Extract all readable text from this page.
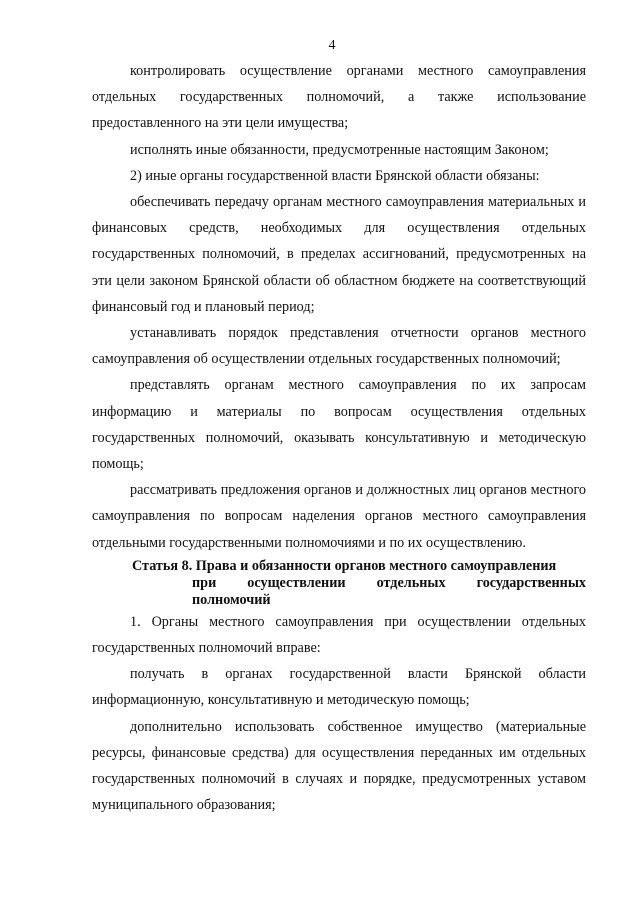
4

контролировать осуществление органами местного самоуправления отдельных государственных полномочий, а также использование предоставленного на эти цели имущества;

исполнять иные обязанности, предусмотренные настоящим Законом;

2) иные органы государственной власти Брянской области обязаны:

обеспечивать передачу органам местного самоуправления материальных и финансовых средств, необходимых для осуществления отдельных государственных полномочий, в пределах ассигнований, предусмотренных на эти цели законом Брянской области об областном бюджете на соответствующий финансовый год и плановый период;

устанавливать порядок представления отчетности органов местного самоуправления об осуществлении отдельных государственных полномочий;

представлять органам местного самоуправления по их запросам информацию и материалы по вопросам осуществления отдельных государственных полномочий, оказывать консультативную и методическую помощь;

рассматривать предложения органов и должностных лиц органов местного самоуправления по вопросам наделения органов местного самоуправления отдельными государственными полномочиями и по их осуществлению.

Статья 8. Права и обязанности органов местного самоуправления
при осуществлении отдельных государственных
полномочий

1. Органы местного самоуправления при осуществлении отдельных государственных полномочий вправе:

получать в органах государственной власти Брянской области информационную, консультативную и методическую помощь;

дополнительно использовать собственное имущество (материальные ресурсы, финансовые средства) для осуществления переданных им отдельных государственных полномочий в случаях и порядке, предусмотренных уставом муниципального образования;
